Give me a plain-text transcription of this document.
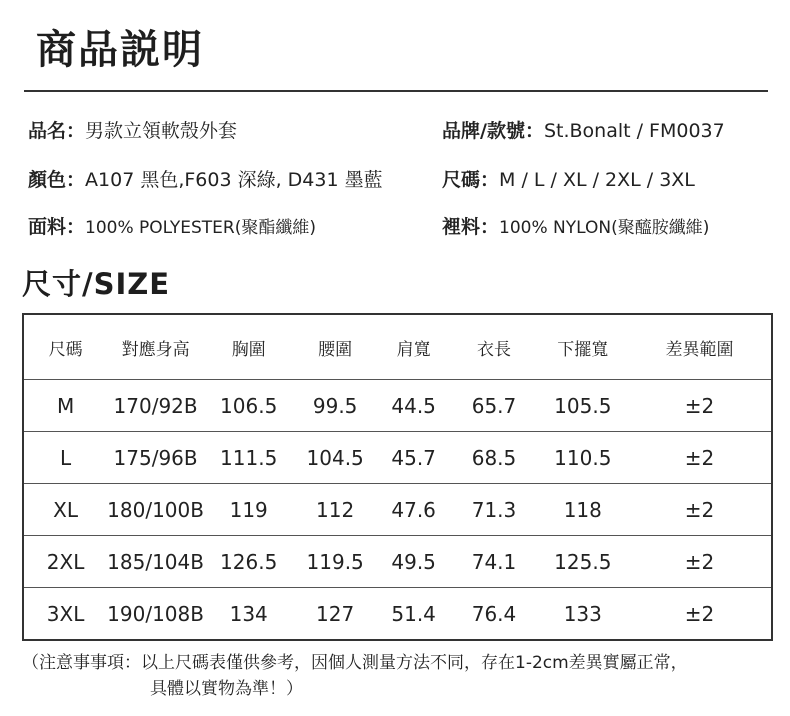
商品説明
品名：男款立領軟殼外套	品牌/款號：St.Bonalt / FM0037
顏色：A107 黑色,F603 深綠, D431 墨藍	尺碼：M / L / XL / 2XL / 3XL
面料：100% POLYESTER(聚酯纖維)	裡料：100% NYLON(聚醯胺纖維)
尺寸/SIZE
尺碼	對應身高	胸圍	腰圍	肩寬	衣長	下擺寬	差異範圍
M	170/92B	106.5	99.5	44.5	65.7	105.5	±2
L	175/96B	111.5	104.5	45.7	68.5	110.5	±2
XL	180/100B	119	112	47.6	71.3	118	±2
2XL	185/104B	126.5	119.5	49.5	74.1	125.5	±2
3XL	190/108B	134	127	51.4	76.4	133	±2
（注意事事項：以上尺碼表僅供參考，因個人測量方法不同，存在1-2cm差異實屬正常，
具體以實物為準！）
